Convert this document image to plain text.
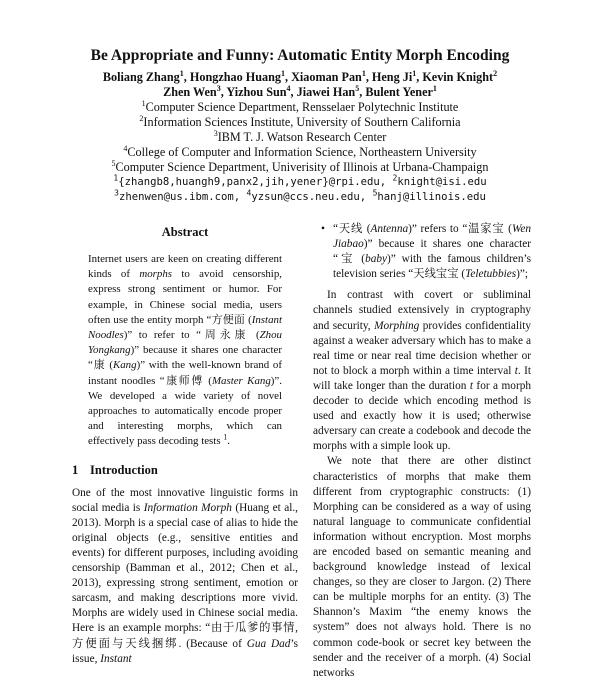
Be Appropriate and Funny: Automatic Entity Morph Encoding
Boliang Zhang$^1$, Hongzhao Huang$^1$, Xiaoman Pan$^1$, Heng Ji$^1$, Kevin Knight$^2$
Zhen Wen$^3$, Yizhou Sun$^4$, Jiawei Han$^5$, Bulent Yener$^1$
$^1$Computer Science Department, Rensselaer Polytechnic Institute
$^2$Information Sciences Institute, University of Southern California
$^3$IBM T. J. Watson Research Center
$^4$College of Computer and Information Science, Northeastern University
$^5$Computer Science Department, Univerisity of Illinois at Urbana-Champaign
$^1${zhangb8,huangh9,panx2,jih,yener}@rpi.edu, $^2$knight@isi.edu
$^3$zhenwen@us.ibm.com, $^4$yzsun@ccs.neu.edu, $^5$hanj@illinois.edu
Abstract

Internet users are keen on creating different kinds of morphs to avoid censorship, express strong sentiment or humor. For example, in Chinese social media, users often use the entity morph “方便面 (Instant Noodles)” to refer to “周永康 (Zhou Yongkang)” because it shares one character “康 (Kang)” with the well-known brand of instant noodles “康师傅 (Master Kang)”. We developed a wide variety of novel approaches to automatically encode proper and interesting morphs, which can effectively pass decoding tests $^1$.

1 Introduction

One of the most innovative linguistic forms in social media is Information Morph (Huang et al., 2013). Morph is a special case of alias to hide the original objects (e.g., sensitive entities and events) for different purposes, including avoiding censorship (Bamman et al., 2012; Chen et al., 2013), expressing strong sentiment, emotion or sarcasm, and making descriptions more vivid. Morphs are widely used in Chinese social media. Here is an example morphs: “由于瓜爹的事情, 方便面与天线捆绑. (Because of Gua Dad’s issue, Instant

• “天线 (Antenna)” refers to “温家宝 (Wen Jiabao)” because it shares one character “宝 (baby)” with the famous children’s television series “天线宝宝 (Teletubbies)”;

In contrast with covert or subliminal channels studied extensively in cryptography and security, Morphing provides confidentiality against a weaker adversary which has to make a real time or near real time decision whether or not to block a morph within a time interval t. It will take longer than the duration t for a morph decoder to decide which encoding method is used and exactly how it is used; otherwise adversary can create a codebook and decode the morphs with a simple look up.

We note that there are other distinct characteristics of morphs that make them different from cryptographic constructs: (1) Morphing can be considered as a way of using natural language to communicate confidential information without encryption. Most morphs are encoded based on semantic meaning and background knowledge instead of lexical changes, so they are closer to Jargon. (2) There can be multiple morphs for an entity. (3) The Shannon’s Maxim “the enemy knows the system” does not always hold. There is no common code-book or secret key between the sender and the receiver of a morph. (4) Social networks
